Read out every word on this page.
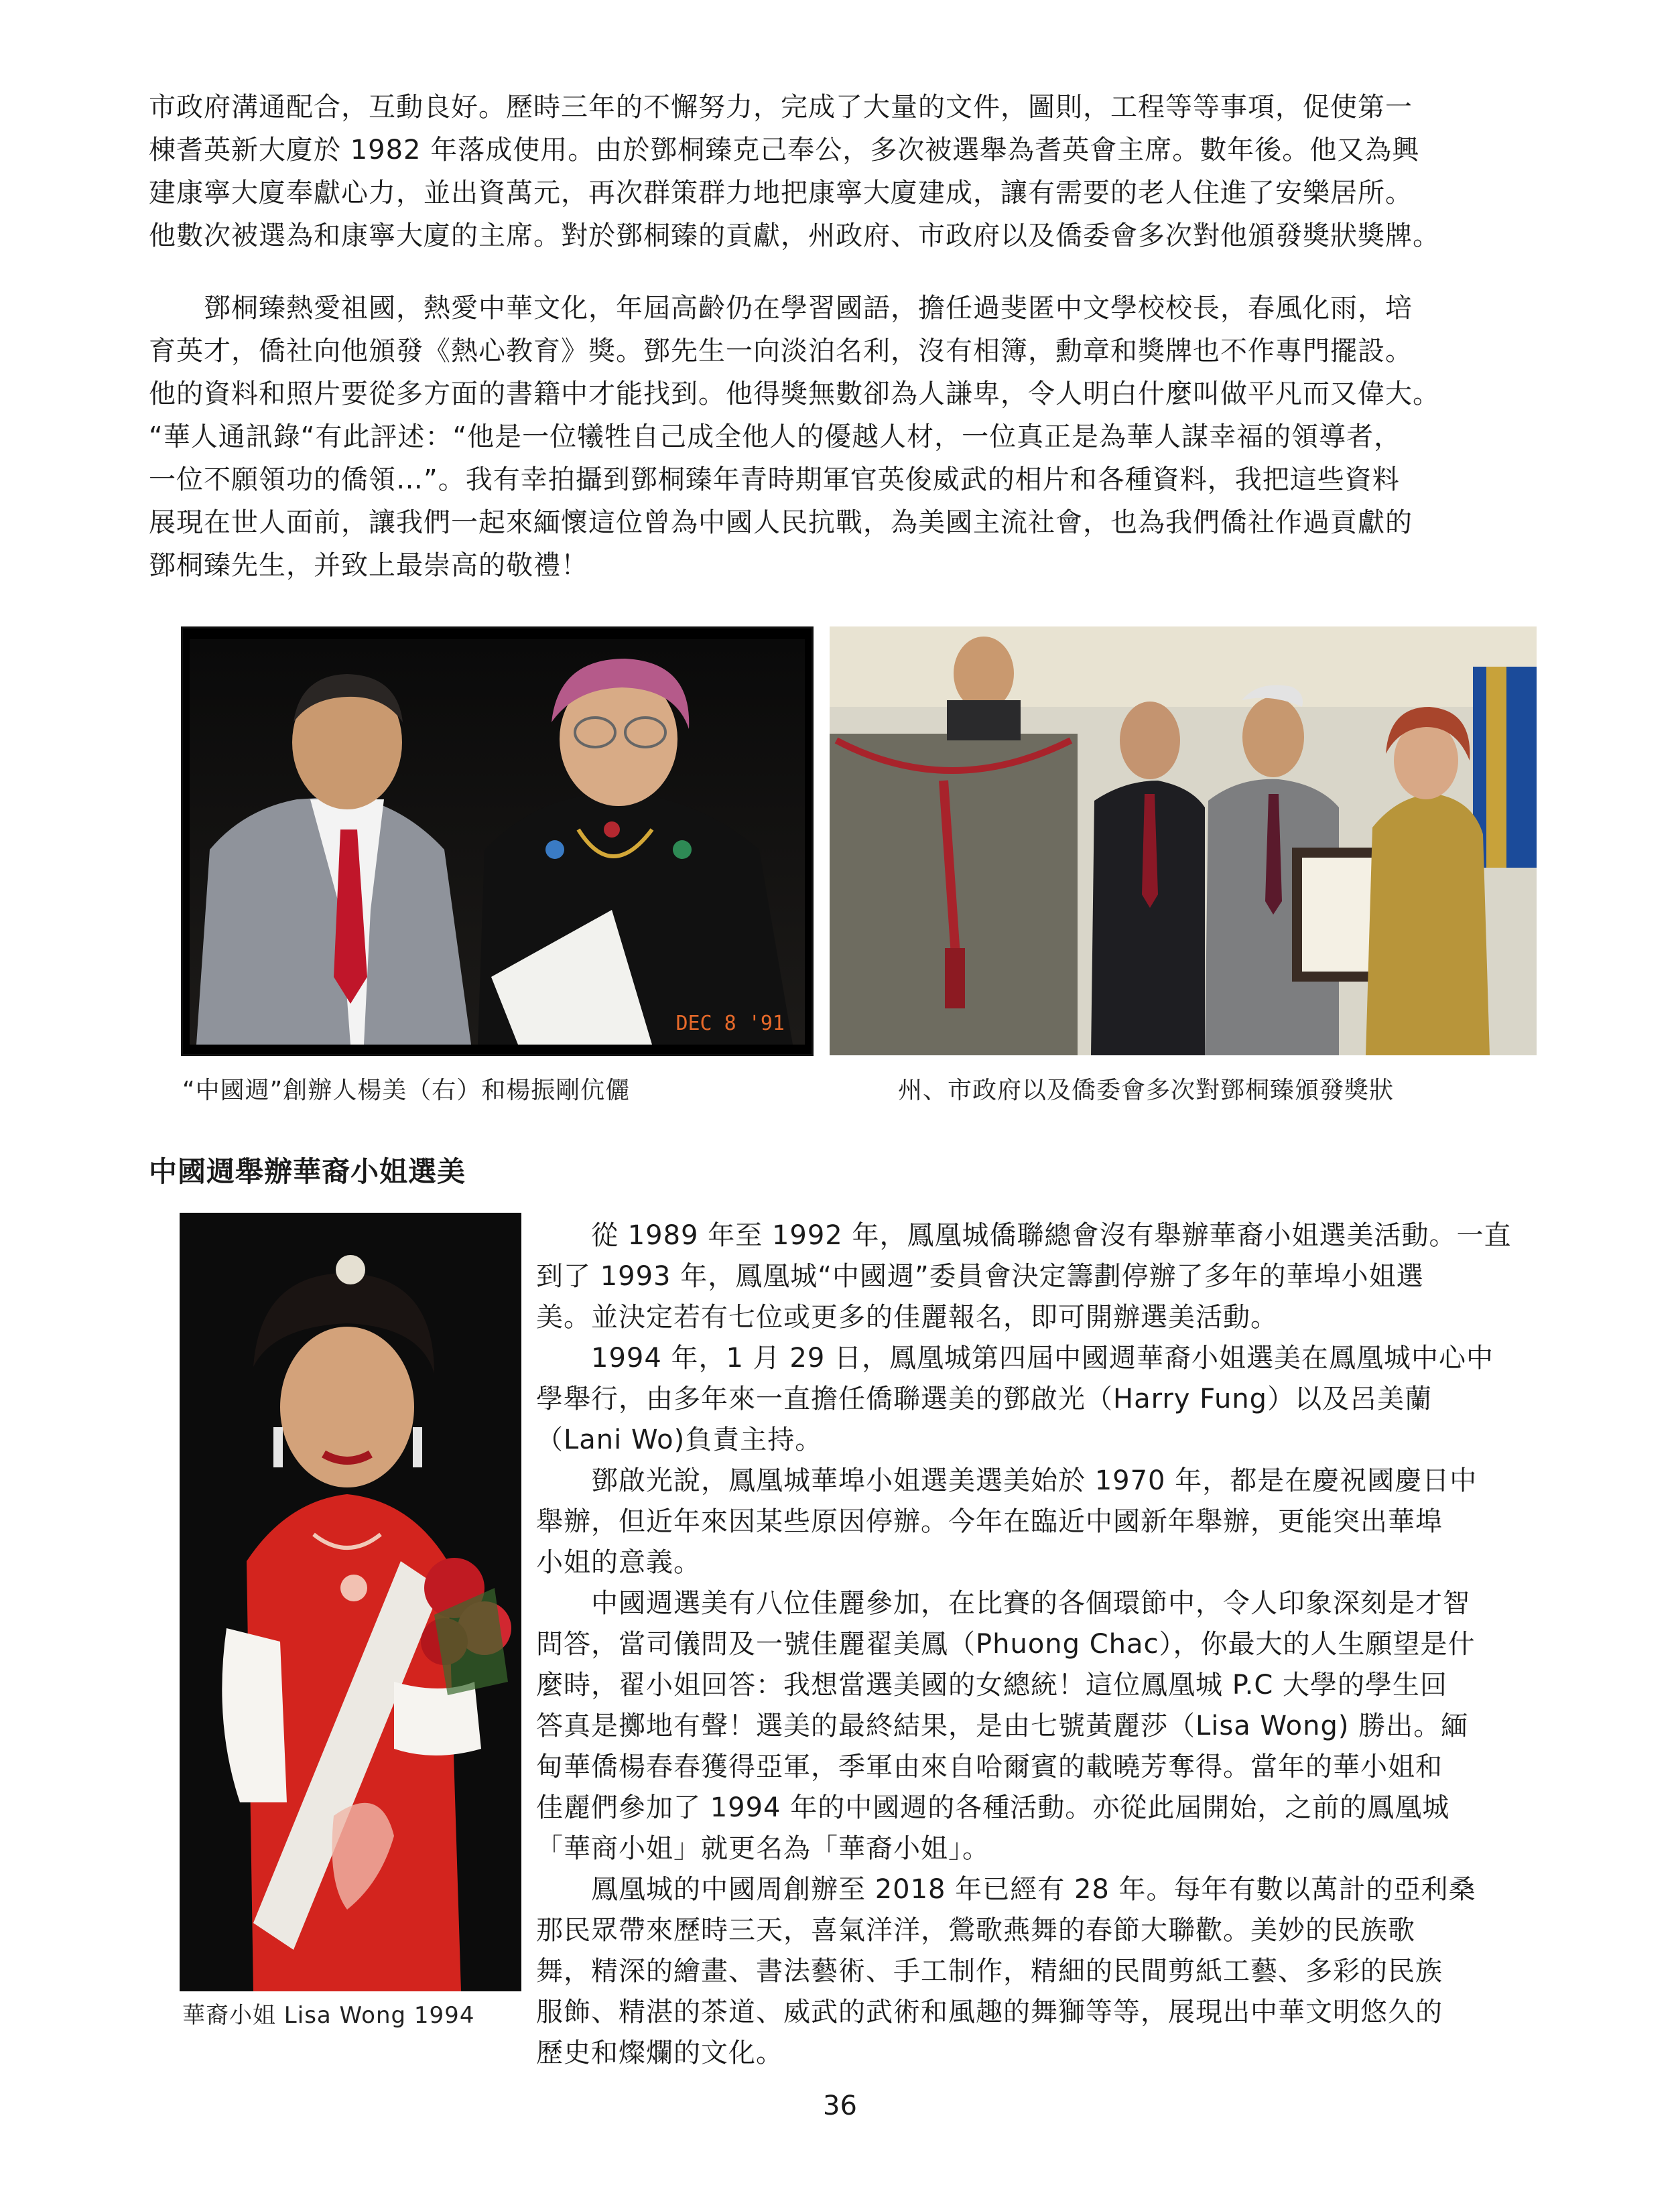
市政府溝通配合，互動良好。歷時三年的不懈努力，完成了大量的文件，圖則，工程等等事項，促使第一
棟耆英新大廈於 1982 年落成使用。由於鄧桐臻克己奉公，多次被選舉為耆英會主席。數年後。他又為興
建康寧大廈奉獻心力，並出資萬元，再次群策群力地把康寧大廈建成，讓有需要的老人住進了安樂居所。
他數次被選為和康寧大廈的主席。對於鄧桐臻的貢獻，州政府、市政府以及僑委會多次對他頒發獎狀獎牌。
　　鄧桐臻熱愛祖國，熱愛中華文化，年屆高齡仍在學習國語，擔任過斐匿中文學校校長，春風化雨，培
育英才，僑社向他頒發《熱心教育》獎。鄧先生一向淡泊名利，沒有相簿，勳章和獎牌也不作專門擺設。
他的資料和照片要從多方面的書籍中才能找到。他得獎無數卻為人謙卑，令人明白什麼叫做平凡而又偉大。
“華人通訊錄“有此評述：“他是一位犧牲自己成全他人的優越人材，一位真正是為華人謀幸福的領導者，
一位不願領功的僑領…”。我有幸拍攝到鄧桐臻年青時期軍官英俊威武的相片和各種資料，我把這些資料
展現在世人面前，讓我們一起來緬懷這位曾為中國人民抗戰，為美國主流社會，也為我們僑社作過貢獻的
鄧桐臻先生，并致上最崇高的敬禮！
DEC 8 '91
“中國週”創辦人楊美（右）和楊振剛伉儷	州、市政府以及僑委會多次對鄧桐臻頒發獎狀
中國週舉辦華裔小姐選美
華裔小姐 Lisa Wong 1994
　　從 1989 年至 1992 年，鳳凰城僑聯總會沒有舉辦華裔小姐選美活動。一直
到了 1993 年，鳳凰城“中國週”委員會決定籌劃停辦了多年的華埠小姐選
美。並決定若有七位或更多的佳麗報名，即可開辦選美活動。
　　1994 年，1 月 29 日，鳳凰城第四屆中國週華裔小姐選美在鳳凰城中心中
學舉行，由多年來一直擔任僑聯選美的鄧啟光（Harry Fung）以及呂美蘭
（Lani Wo)負責主持。
　　鄧啟光說，鳳凰城華埠小姐選美選美始於 1970 年，都是在慶祝國慶日中
舉辦，但近年來因某些原因停辦。今年在臨近中國新年舉辦，更能突出華埠
小姐的意義。
　　中國週選美有八位佳麗參加，在比賽的各個環節中，令人印象深刻是才智
問答，當司儀問及一號佳麗翟美鳳（Phuong Chac），你最大的人生願望是什
麼時，翟小姐回答：我想當選美國的女總統！這位鳳凰城 P.C 大學的學生回
答真是擲地有聲！選美的最終結果，是由七號黃麗莎（Lisa Wong) 勝出。緬
甸華僑楊春春獲得亞軍，季軍由來自哈爾賓的載曉芳奪得。當年的華小姐和
佳麗們參加了 1994 年的中國週的各種活動。亦從此屆開始，之前的鳳凰城
「華商小姐」就更名為「華裔小姐」。
　　鳳凰城的中國周創辦至 2018 年已經有 28 年。每年有數以萬計的亞利桑
那民眾帶來歷時三天，喜氣洋洋，鶯歌燕舞的春節大聯歡。美妙的民族歌
舞，精深的繪畫、書法藝術、手工制作，精細的民間剪紙工藝、多彩的民族
服飾、精湛的茶道、威武的武術和風趣的舞獅等等，展現出中華文明悠久的
歷史和燦爛的文化。
36
